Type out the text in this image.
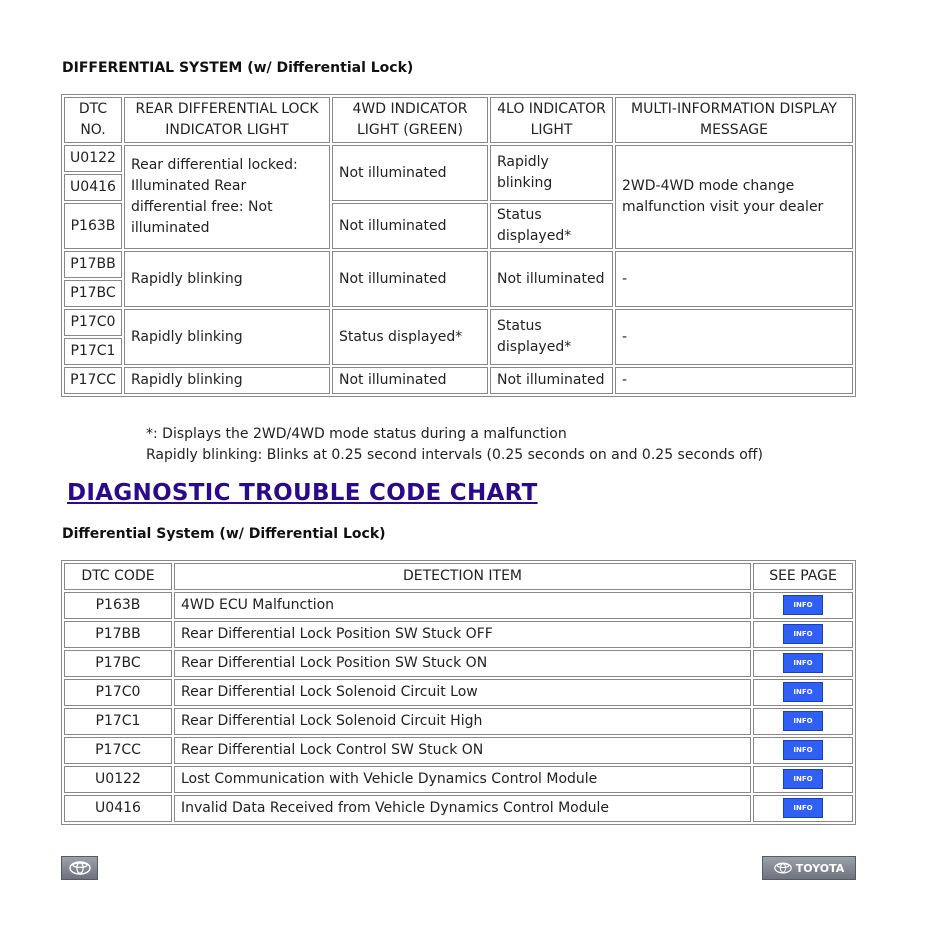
DIFFERENTIAL SYSTEM (w/ Differential Lock)
DTC NO.	REAR DIFFERENTIAL LOCK INDICATOR LIGHT	4WD INDICATOR LIGHT (GREEN)	4LO INDICATOR LIGHT	MULTI-INFORMATION DISPLAY MESSAGE
U0122	Rear differential locked: Illuminated Rear differential free: Not illuminated	Not illuminated	Rapidly blinking	2WD-4WD mode change malfunction visit your dealer
U0416				
P163B		Not illuminated	Status displayed*	
P17BB	Rapidly blinking	Not illuminated	Not illuminated	-
P17BC				
P17C0	Rapidly blinking	Status displayed*	Status displayed*	-
P17C1				
P17CC	Rapidly blinking	Not illuminated	Not illuminated	-
*: Displays the 2WD/4WD mode status during a malfunction
Rapidly blinking: Blinks at 0.25 second intervals (0.25 seconds on and 0.25 seconds off)
DIAGNOSTIC TROUBLE CODE CHART
Differential System (w/ Differential Lock)
DTC CODE	DETECTION ITEM	SEE PAGE
P163B	4WD ECU Malfunction	INFO
P17BB	Rear Differential Lock Position SW Stuck OFF	INFO
P17BC	Rear Differential Lock Position SW Stuck ON	INFO
P17C0	Rear Differential Lock Solenoid Circuit Low	INFO
P17C1	Rear Differential Lock Solenoid Circuit High	INFO
P17CC	Rear Differential Lock Control SW Stuck ON	INFO
U0122	Lost Communication with Vehicle Dynamics Control Module	INFO
U0416	Invalid Data Received from Vehicle Dynamics Control Module	INFO
TOYOTA
